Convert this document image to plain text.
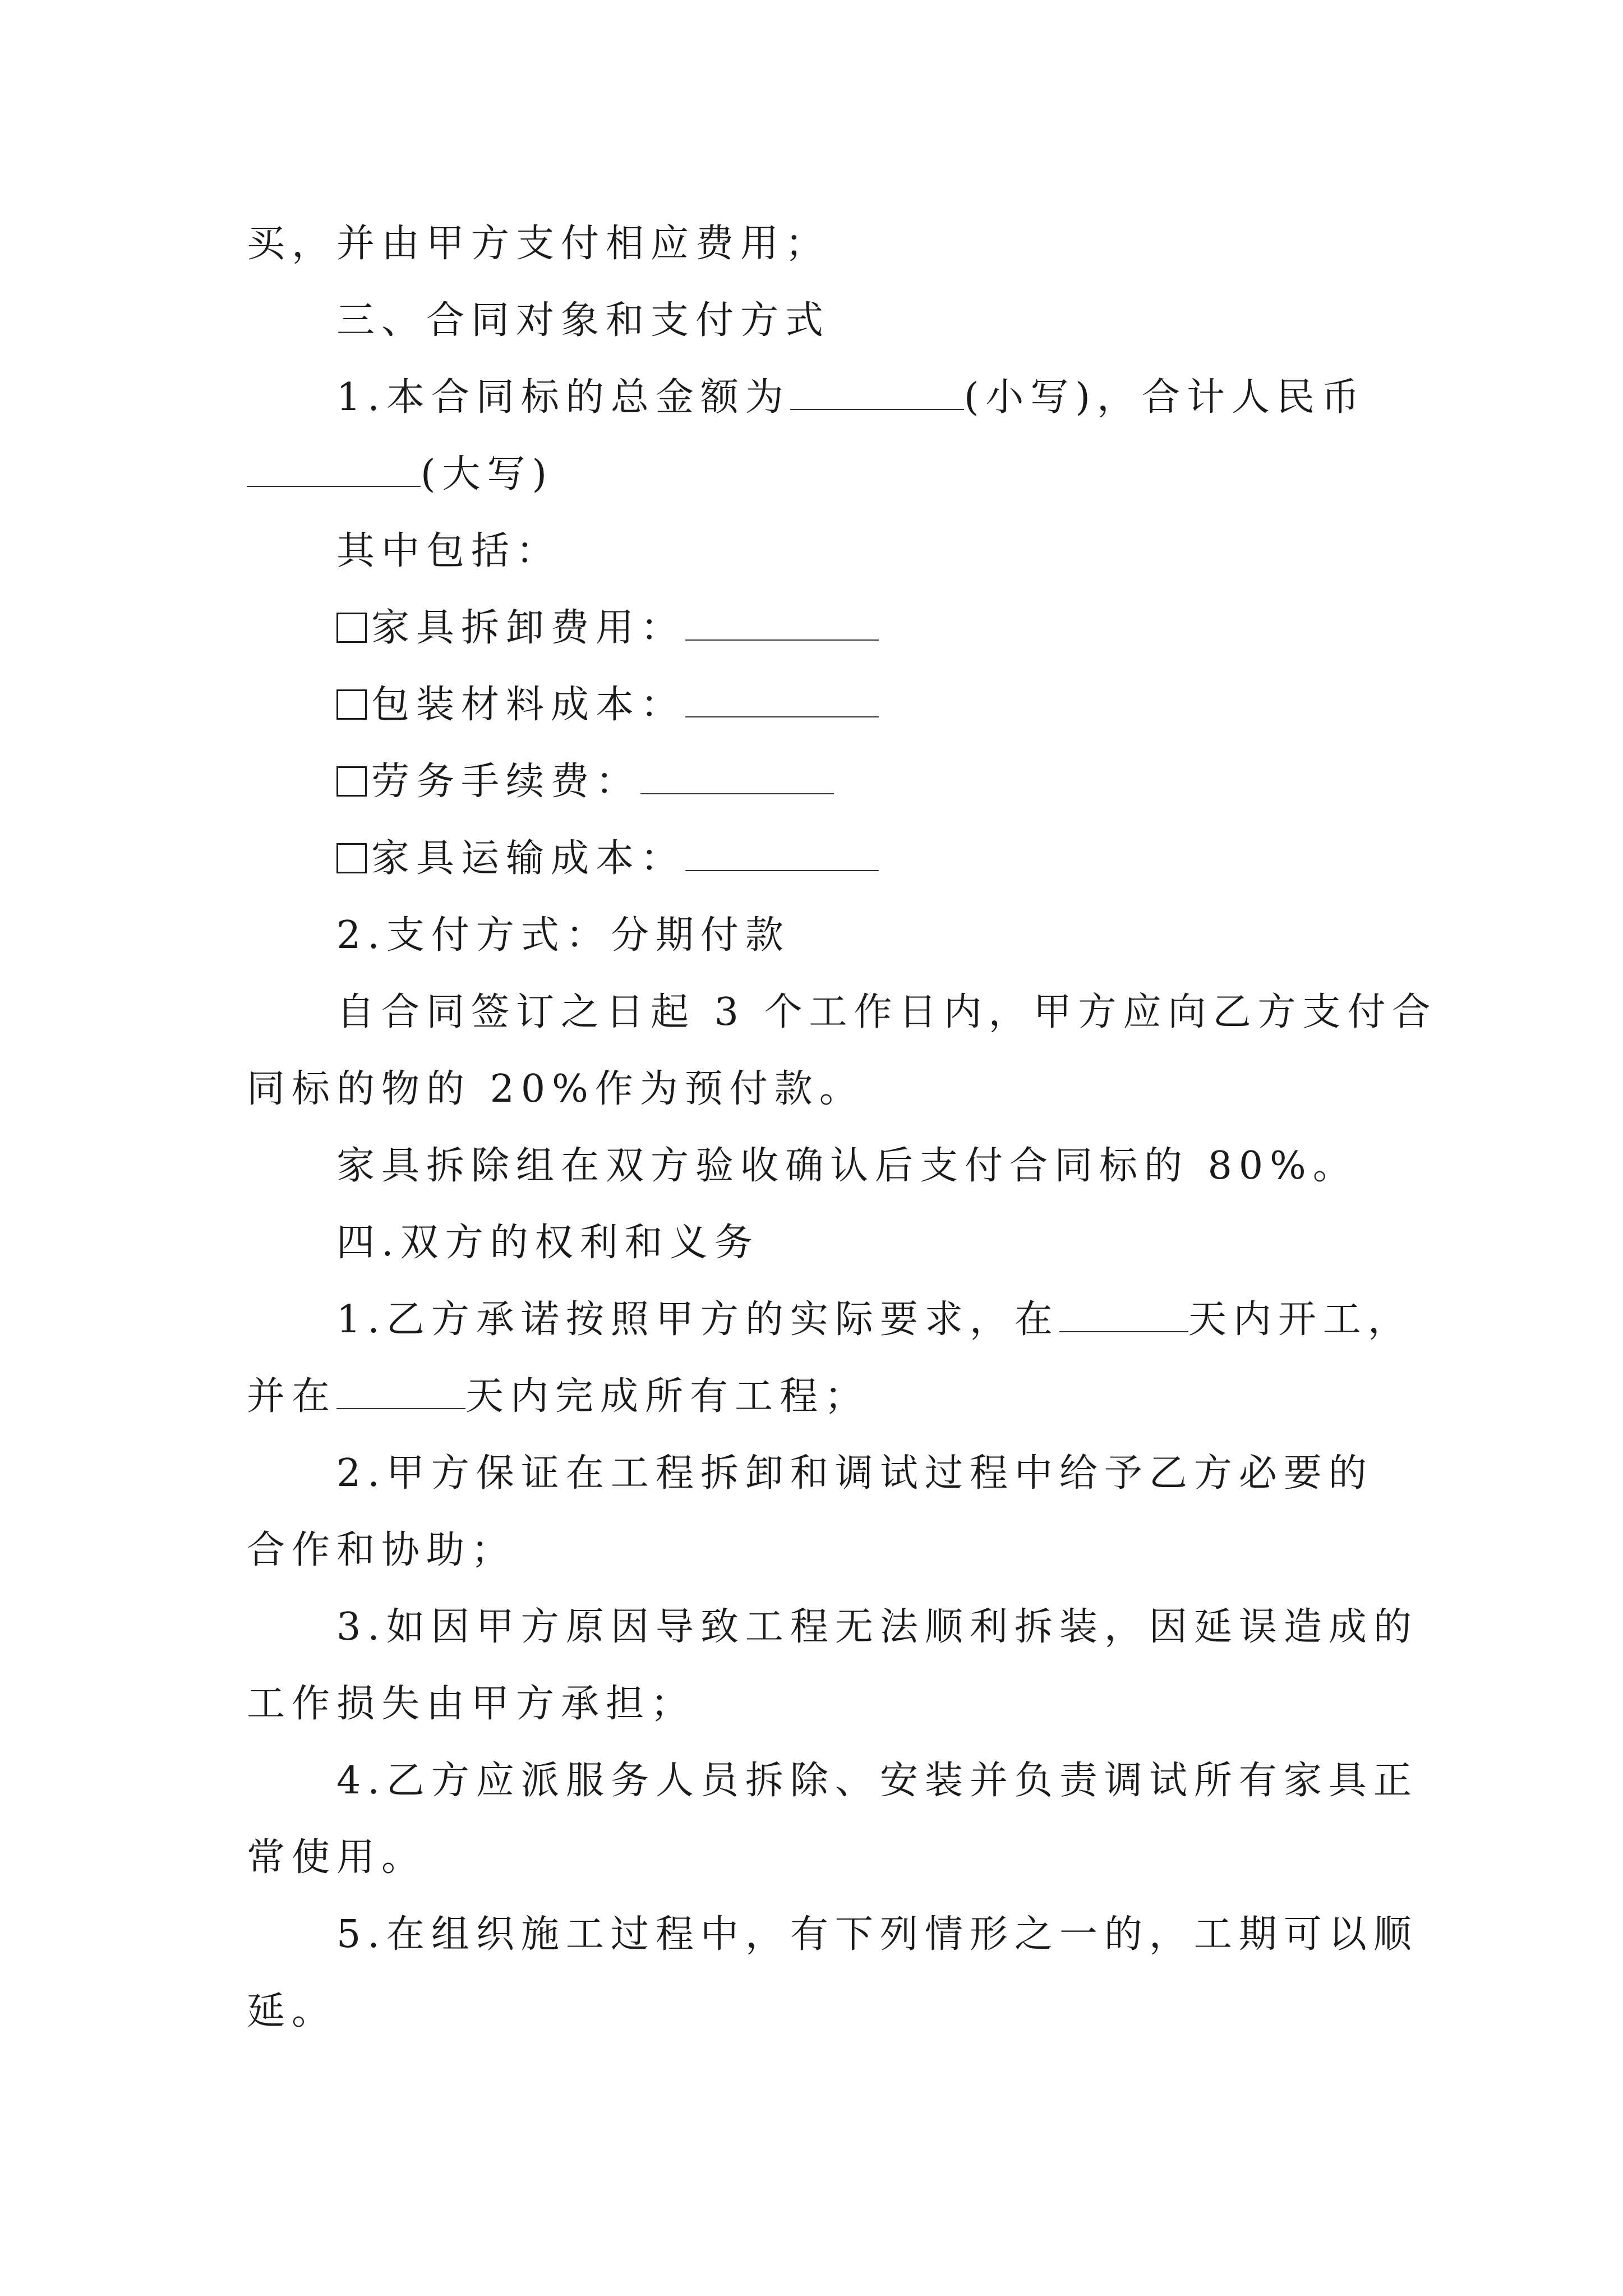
买，并由甲方支付相应费用；
三、合同对象和支付方式
1.本合同标的总金额为	(小写)，合计人民币
(大写)
其中包括：
家具拆卸费用：
包装材料成本：
劳务手续费：
家具运输成本：
2.支付方式：分期付款
自合同签订之日起 3 个工作日内，甲方应向乙方支付合
同标的物的 20%作为预付款。
家具拆除组在双方验收确认后支付合同标的 80%。
四.双方的权利和义务
1.乙方承诺按照甲方的实际要求，在	天内开工，
并在	天内完成所有工程；
2.甲方保证在工程拆卸和调试过程中给予乙方必要的
合作和协助；
3.如因甲方原因导致工程无法顺利拆装，因延误造成的
工作损失由甲方承担；
4.乙方应派服务人员拆除、安装并负责调试所有家具正
常使用。
5.在组织施工过程中，有下列情形之一的，工期可以顺
延。
